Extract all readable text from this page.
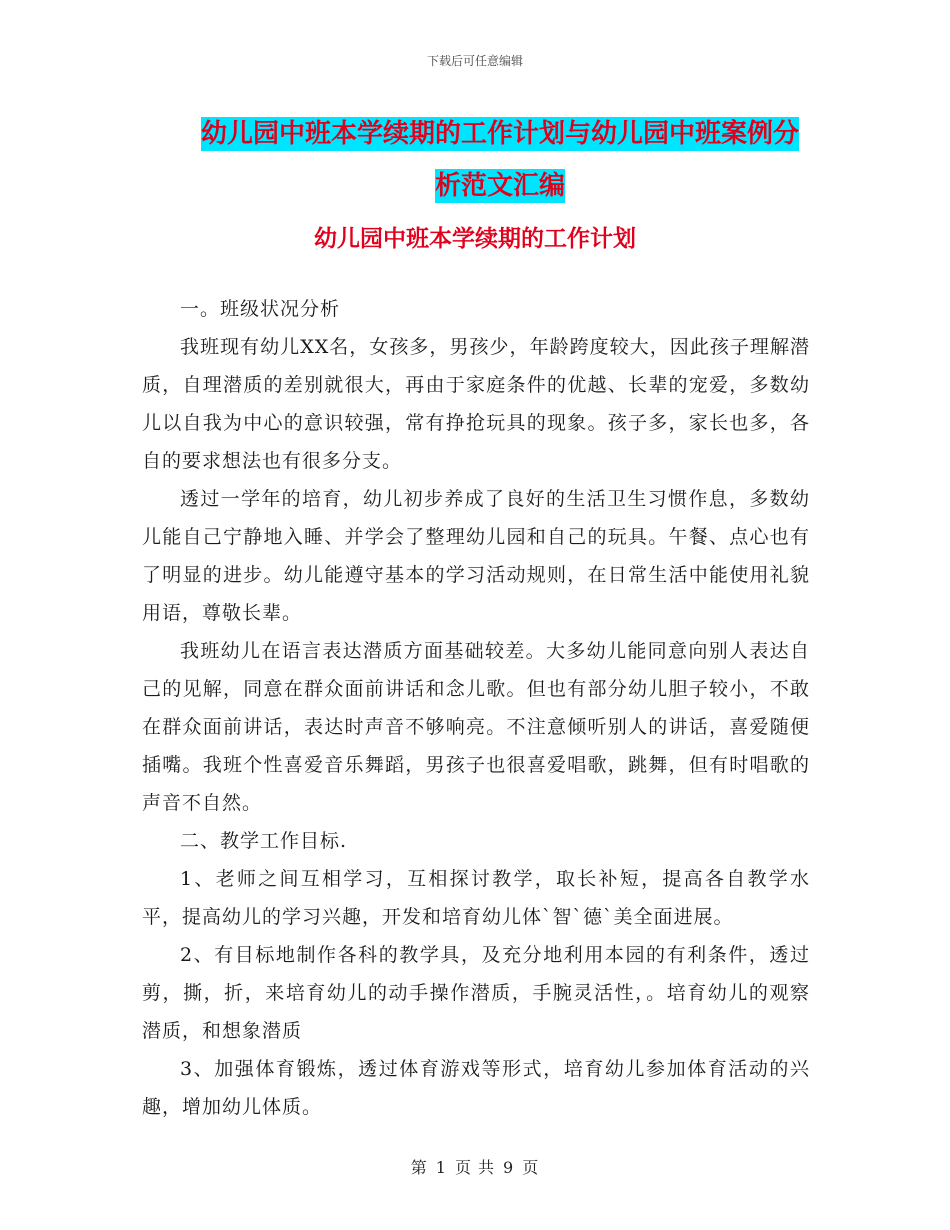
下载后可任意编辑
幼儿园中班本学续期的工作计划与幼儿园中班案例分
析范文汇编
幼儿园中班本学续期的工作计划

一。班级状况分析

我班现有幼儿XX名，女孩多，男孩少，年龄跨度较大，因此孩子理解潜质，自理潜质的差别就很大，再由于家庭条件的优越、长辈的宠爱，多数幼儿以自我为中心的意识较强，常有挣抢玩具的现象。孩子多，家长也多，各自的要求想法也有很多分支。

透过一学年的培育，幼儿初步养成了良好的生活卫生习惯作息，多数幼儿能自己宁静地入睡、并学会了整理幼儿园和自己的玩具。午餐、点心也有了明显的进步。幼儿能遵守基本的学习活动规则，在日常生活中能使用礼貌用语，尊敬长辈。

我班幼儿在语言表达潜质方面基础较差。大多幼儿能同意向别人表达自己的见解，同意在群众面前讲话和念儿歌。但也有部分幼儿胆子较小，不敢在群众面前讲话，表达时声音不够响亮。不注意倾听别人的讲话，喜爱随便插嘴。我班个性喜爱音乐舞蹈，男孩子也很喜爱唱歌，跳舞，但有时唱歌的声音不自然。

二、教学工作目标.

1、老师之间互相学习，互相探讨教学，取长补短，提高各自教学水平，提高幼儿的学习兴趣，开发和培育幼儿体`智`德`美全面进展。

2、有目标地制作各科的教学具，及充分地利用本园的有利条件，透过剪，撕，折，来培育幼儿的动手操作潜质，手腕灵活性，。培育幼儿的观察潜质，和想象潜质

3、加强体育锻炼，透过体育游戏等形式，培育幼儿参加体育活动的兴趣，增加幼儿体质。

第 1 页 共 9 页
